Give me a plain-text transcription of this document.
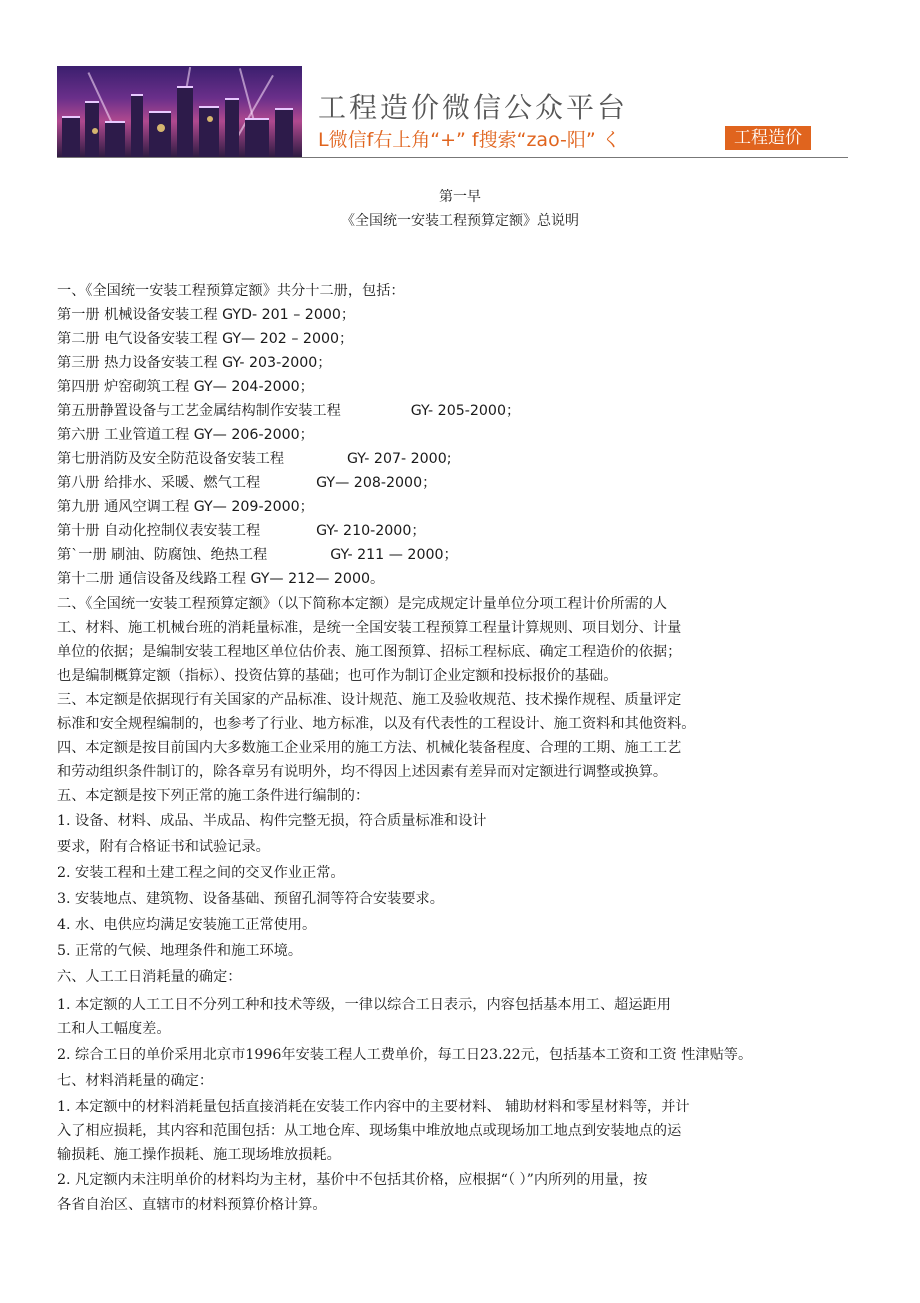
工程造价微信公众平台
L微信f右上角“+” f搜索“zao-阳” く	工程造价
第一早
《全国统一安装工程预算定额》总说明
一、《全国统一安装工程预算定额》共分十二册，包括：
第一册 机械设备安装工程 GYD- 201 – 2000；
第二册 电气设备安装工程 GY— 202 – 2000；
第三册 热力设备安装工程 GY- 203-2000；
第四册 炉窑砌筑工程 GY— 204-2000；
第五册静置设备与工艺金属结构制作安装工程	GY- 205-2000；
第六册 工业管道工程 GY— 206-2000；
第七册消防及安全防范设备安装工程	GY- 207- 2000;
第八册 给排水、采暖、燃气工程	GY— 208-2000；
第九册 通风空调工程 GY— 209-2000；
第十册 自动化控制仪表安装工程	GY- 210-2000；
第`一册 刷油、防腐蚀、绝热工程	GY- 211 — 2000；
第十二册 通信设备及线路工程 GY— 212— 2000。
二、《全国统一安装工程预算定额》（以下简称本定额）是完成规定计量单位分项工程计价所需的人
工、材料、施工机械台班的消耗量标准，是统一全国安装工程预算工程量计算规则、项目划分、计量
单位的依据；是编制安装工程地区单位估价表、施工图预算、招标工程标底、确定工程造价的依据；
也是编制概算定额（指标）、投资估算的基础；也可作为制订企业定额和投标报价的基础。
三、本定额是依据现行有关国家的产品标准、设计规范、施工及验收规范、技术操作规程、质量评定
标准和安全规程编制的，也参考了行业、地方标准，以及有代表性的工程设计、施工资料和其他资料。
四、本定额是按目前国内大多数施工企业采用的施工方法、机械化装备程度、合理的工期、施工工艺
和劳动组织条件制订的，除各章另有说明外，均不得因上述因素有差异而对定额进行调整或换算。
五、本定额是按下列正常的施工条件进行编制的：
1. 设备、材料、成品、半成品、构件完整无损，符合质量标准和设计
要求，附有合格证书和试验记录。
2. 安装工程和土建工程之间的交叉作业正常。
3. 安装地点、建筑物、设备基础、预留孔洞等符合安装要求。
4. 水、电供应均满足安装施工正常使用。
5. 正常的气候、地理条件和施工环境。
六、人工工日消耗量的确定：
1. 本定额的人工工日不分列工种和技术等级，一律以综合工日表示，内容包括基本用工、超运距用
工和人工幅度差。
2. 综合工日的单价采用北京市1996年安装工程人工费单价，每工日23.22元，包括基本工资和工资 性津贴等。
七、材料消耗量的确定：
1. 本定额中的材料消耗量包括直接消耗在安装工作内容中的主要材料、 辅助材料和零星材料等，并计
入了相应损耗，其内容和范围包括：从工地仓库、现场集中堆放地点或现场加工地点到安装地点的运
输损耗、施工操作损耗、施工现场堆放损耗。
2. 凡定额内未注明单价的材料均为主材，基价中不包括其价格，应根据“（ ）”内所列的用量，按
各省自治区、直辖市的材料预算价格计算。
